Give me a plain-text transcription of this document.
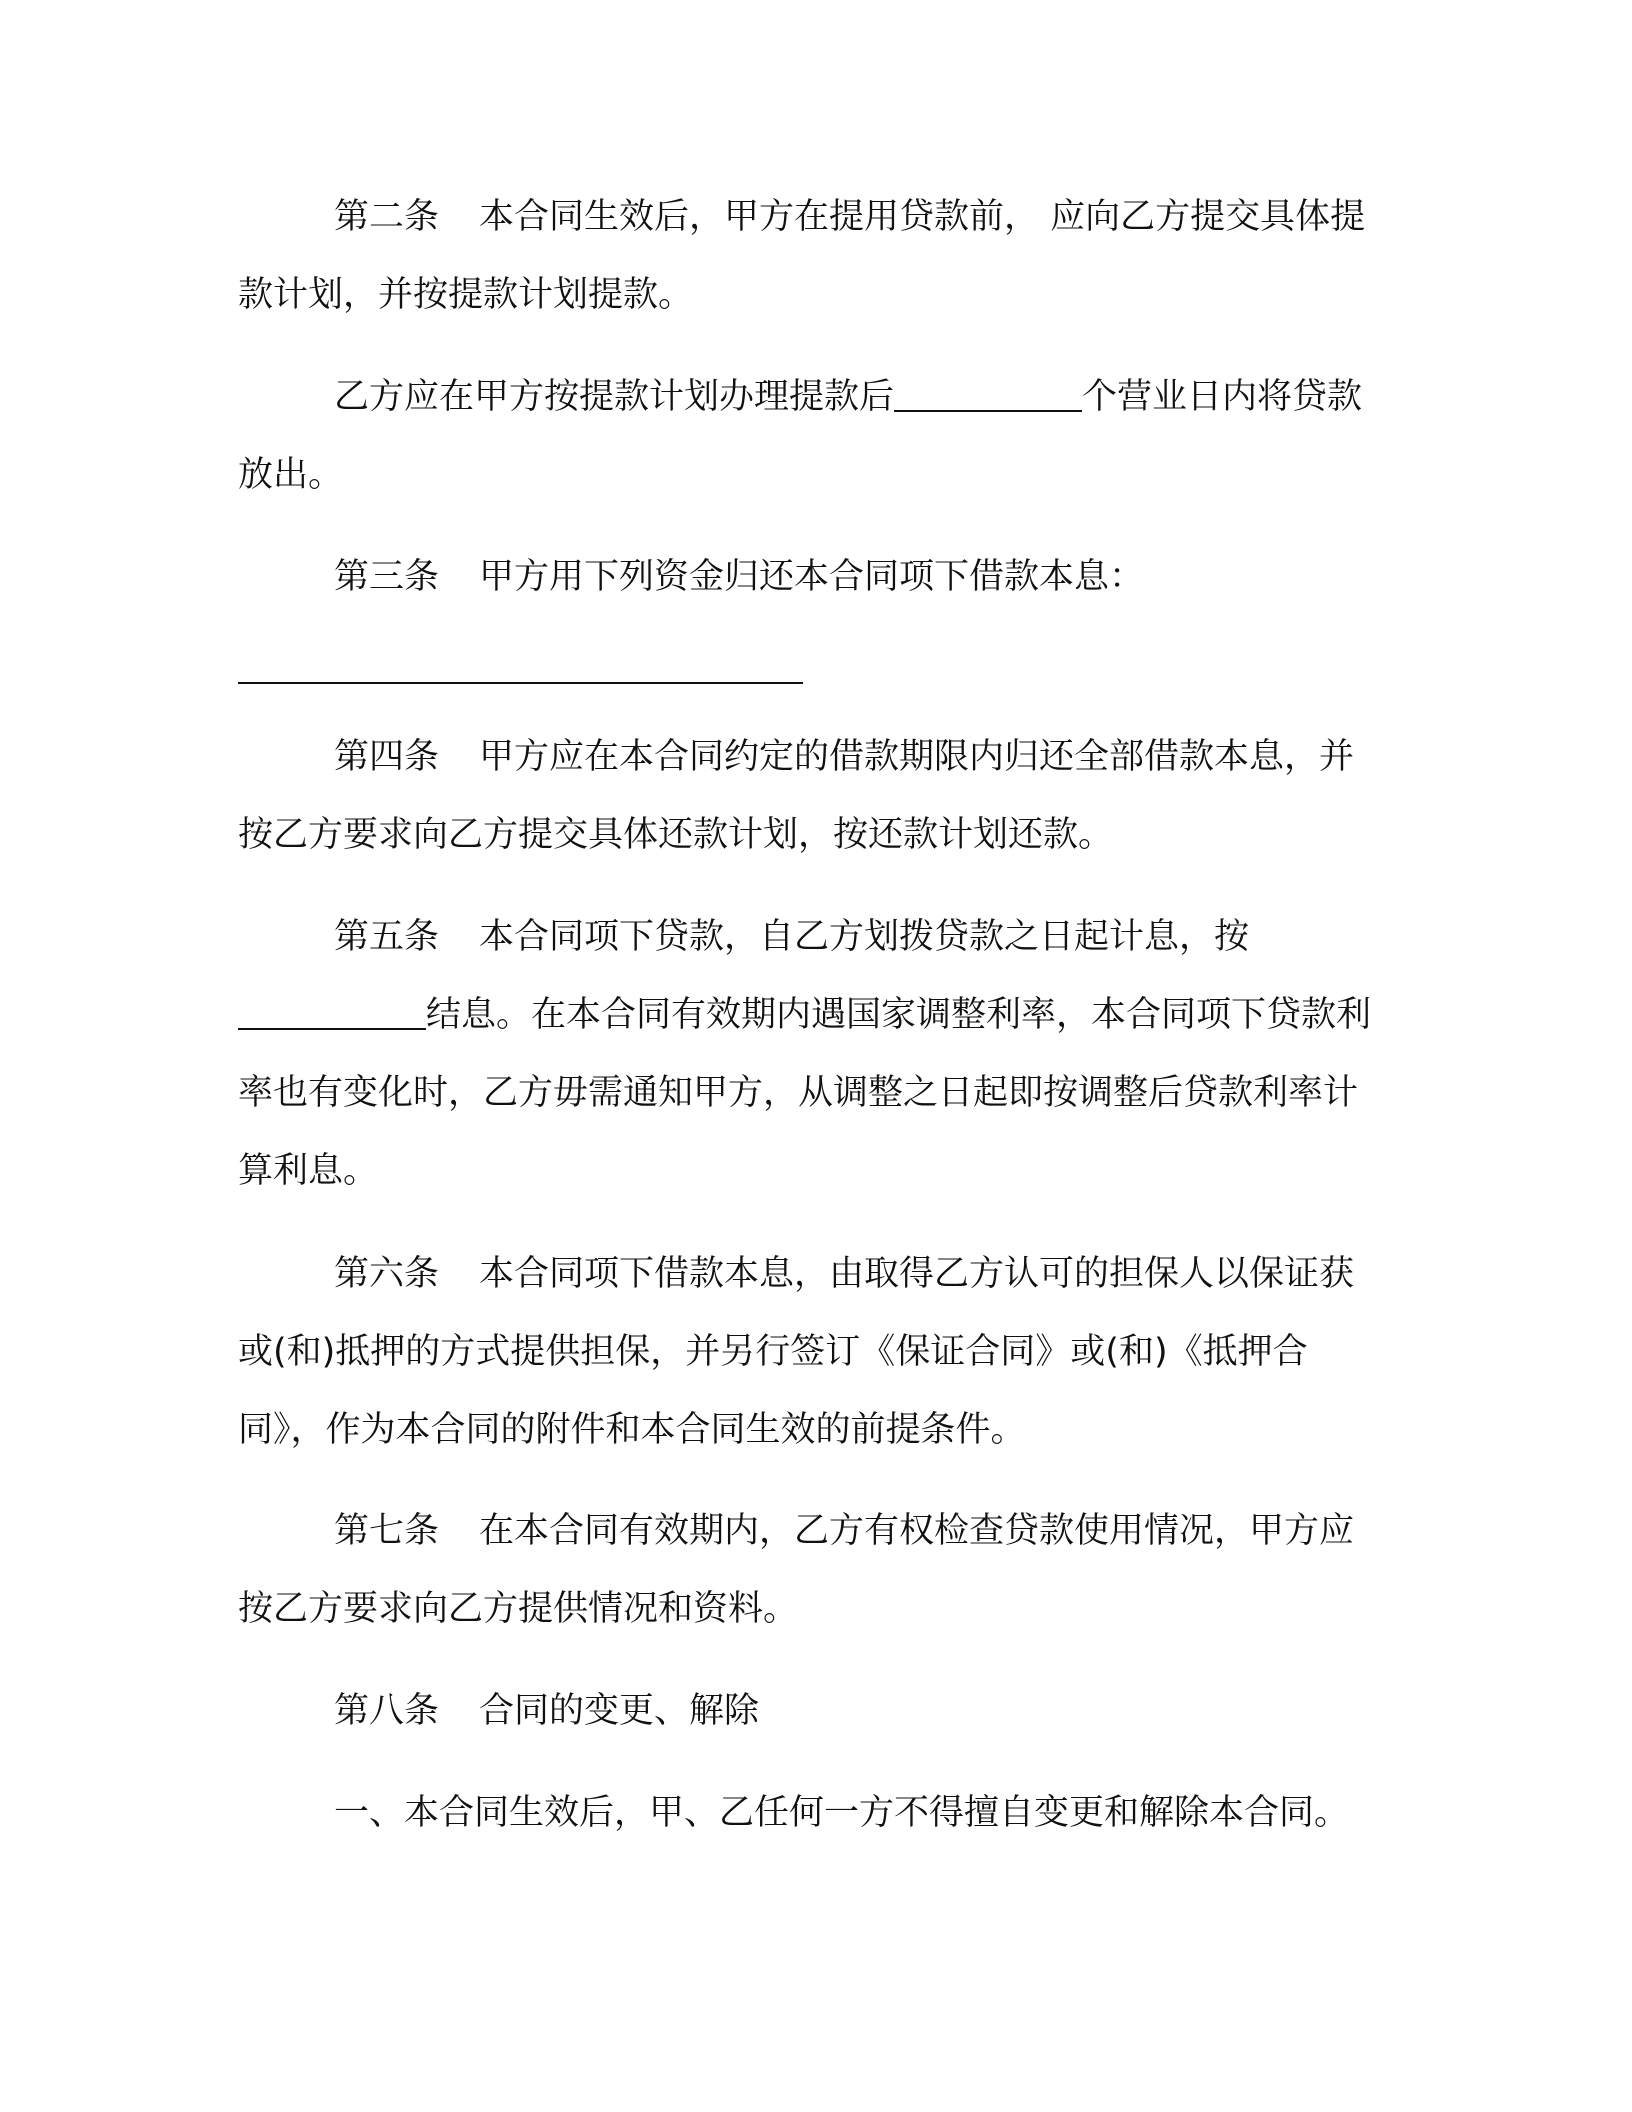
第二条 本合同生效后，甲方在提用贷款前， 应向乙方提交具体提款计划，并按提款计划提款。

乙方应在甲方按提款计划办理提款后	个营业日内将贷款放出。

第三条 甲方用下列资金归还本合同项下借款本息：

第四条 甲方应在本合同约定的借款期限内归还全部借款本息，并按乙方要求向乙方提交具体还款计划，按还款计划还款。

第五条 本合同项下贷款，自乙方划拨贷款之日起计息，按结息。在本合同有效期内遇国家调整利率，本合同项下贷款利率也有变化时，乙方毋需通知甲方，从调整之日起即按调整后贷款利率计算利息。

第六条 本合同项下借款本息，由取得乙方认可的担保人以保证获或(和)抵押的方式提供担保，并另行签订《保证合同》或(和)《抵押合同》，作为本合同的附件和本合同生效的前提条件。

第七条 在本合同有效期内，乙方有权检查贷款使用情况，甲方应按乙方要求向乙方提供情况和资料。

第八条 合同的变更、解除

一、本合同生效后，甲、乙任何一方不得擅自变更和解除本合同。
